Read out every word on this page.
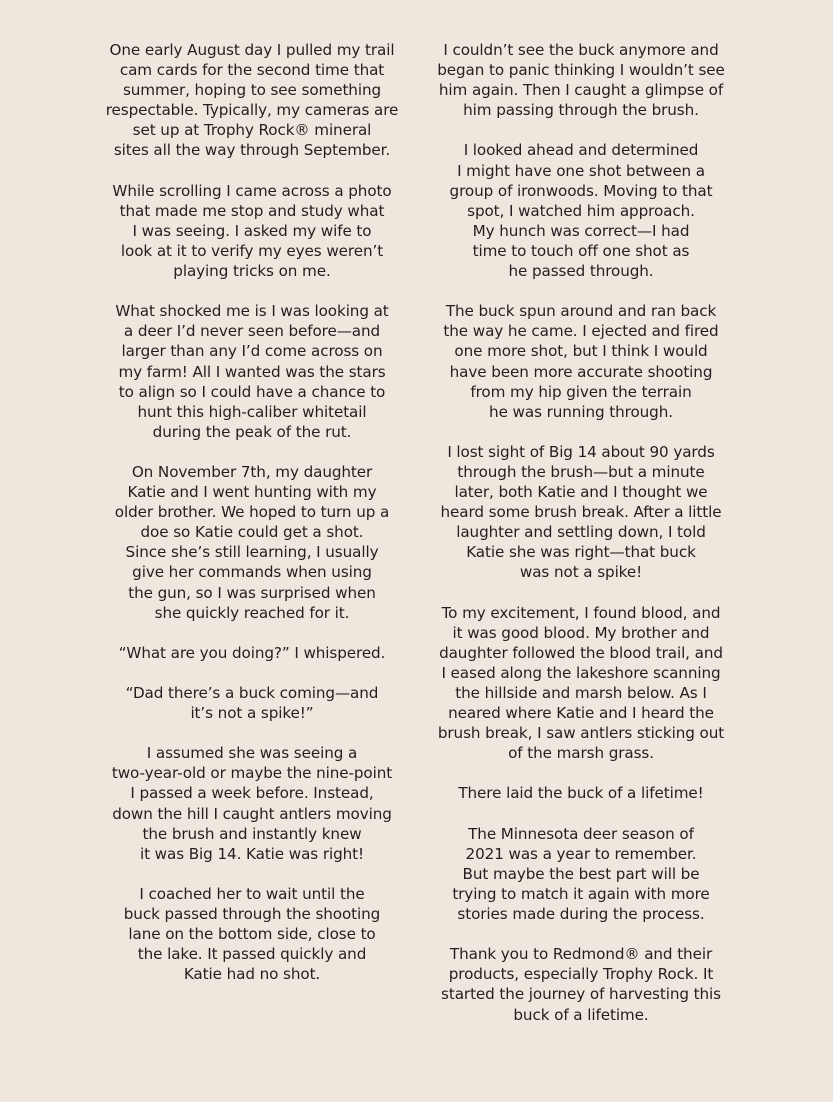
One early August day I pulled my trail
cam cards for the second time that
summer, hoping to see something
respectable. Typically, my cameras are
set up at Trophy Rock® mineral
sites all the way through September.

While scrolling I came across a photo
that made me stop and study what
I was seeing. I asked my wife to
look at it to verify my eyes weren’t
playing tricks on me.

What shocked me is I was looking at
a deer I’d never seen before—and
larger than any I’d come across on
my farm! All I wanted was the stars
to align so I could have a chance to
hunt this high-caliber whitetail
during the peak of the rut.

On November 7th, my daughter
Katie and I went hunting with my
older brother. We hoped to turn up a
doe so Katie could get a shot.
Since she’s still learning, I usually
give her commands when using
the gun, so I was surprised when
she quickly reached for it.

“What are you doing?” I whispered.

“Dad there’s a buck coming—and
it’s not a spike!”

I assumed she was seeing a
two-year-old or maybe the nine-point
I passed a week before. Instead,
down the hill I caught antlers moving
the brush and instantly knew
it was Big 14. Katie was right!

I coached her to wait until the
buck passed through the shooting
lane on the bottom side, close to
the lake. It passed quickly and
Katie had no shot.

I couldn’t see the buck anymore and
began to panic thinking I wouldn’t see
him again. Then I caught a glimpse of
him passing through the brush.

I looked ahead and determined
I might have one shot between a
group of ironwoods. Moving to that
spot, I watched him approach.
My hunch was correct—I had
time to touch off one shot as
he passed through.

The buck spun around and ran back
the way he came. I ejected and fired
one more shot, but I think I would
have been more accurate shooting
from my hip given the terrain
he was running through.

I lost sight of Big 14 about 90 yards
through the brush—but a minute
later, both Katie and I thought we
heard some brush break. After a little
laughter and settling down, I told
Katie she was right—that buck
was not a spike!

To my excitement, I found blood, and
it was good blood. My brother and
daughter followed the blood trail, and
I eased along the lakeshore scanning
the hillside and marsh below. As I
neared where Katie and I heard the
brush break, I saw antlers sticking out
of the marsh grass.

There laid the buck of a lifetime!

The Minnesota deer season of
2021 was a year to remember.
But maybe the best part will be
trying to match it again with more
stories made during the process.

Thank you to Redmond® and their
products, especially Trophy Rock. It
started the journey of harvesting this
buck of a lifetime.
